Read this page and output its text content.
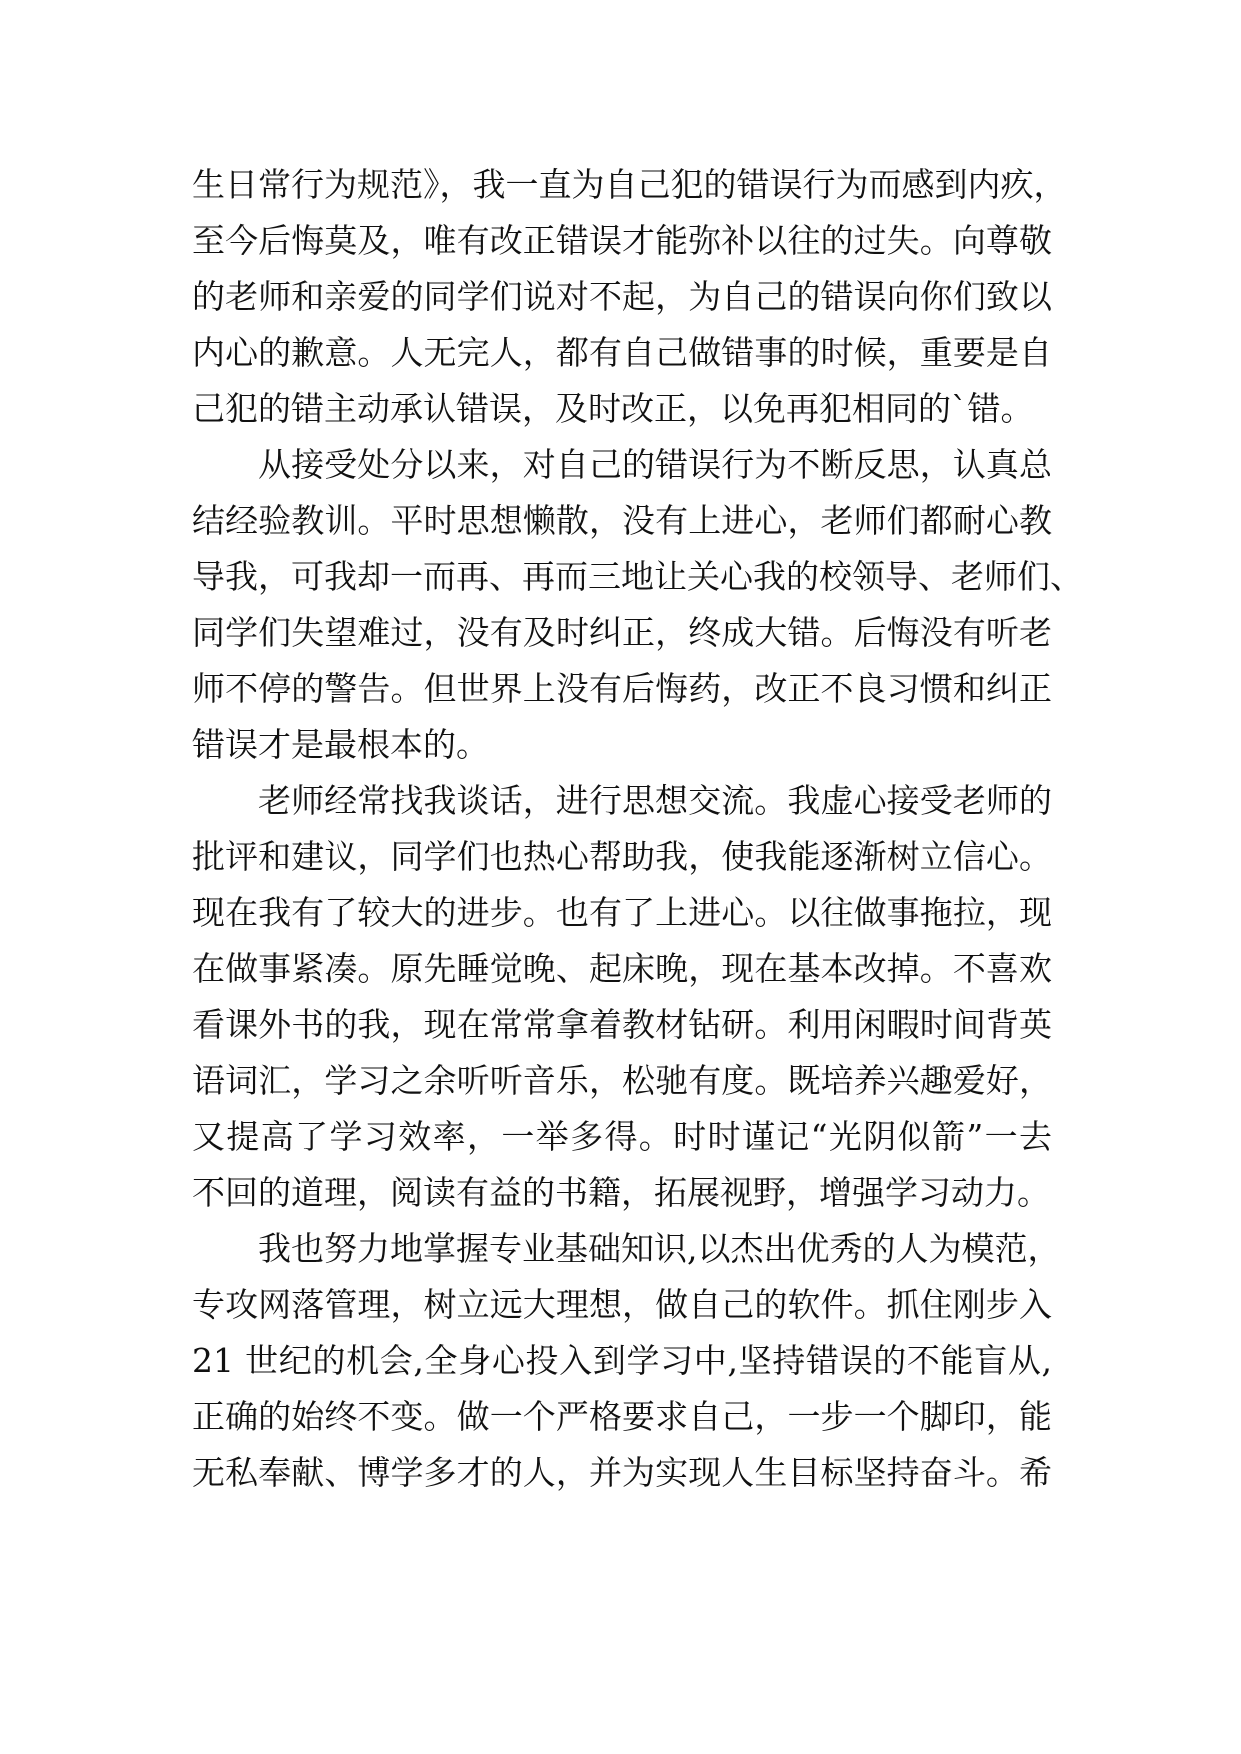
生日常行为规范》，我一直为自己犯的错误行为而感到内疚，
至今后悔莫及，唯有改正错误才能弥补以往的过失。向尊敬
的老师和亲爱的同学们说对不起，为自己的错误向你们致以
内心的歉意。人无完人，都有自己做错事的时候，重要是自
己犯的错主动承认错误，及时改正，以免再犯相同的`错。
从接受处分以来，对自己的错误行为不断反思，认真总
结经验教训。平时思想懒散，没有上进心，老师们都耐心教
导我，可我却一而再、再而三地让关心我的校领导、老师们、
同学们失望难过，没有及时纠正，终成大错。后悔没有听老
师不停的警告。但世界上没有后悔药，改正不良习惯和纠正
错误才是最根本的。
老师经常找我谈话，进行思想交流。我虚心接受老师的
批评和建议，同学们也热心帮助我，使我能逐渐树立信心。
现在我有了较大的进步。也有了上进心。以往做事拖拉，现
在做事紧凑。原先睡觉晚、起床晚，现在基本改掉。不喜欢
看课外书的我，现在常常拿着教材钻研。利用闲暇时间背英
语词汇，学习之余听听音乐，松驰有度。既培养兴趣爱好，
又提高了学习效率，一举多得。时时谨记“光阴似箭”一去
不回的道理，阅读有益的书籍，拓展视野，增强学习动力。
我也努力地掌握专业基础知识,以杰出优秀的人为模范，
专攻网落管理，树立远大理想，做自己的软件。抓住刚步入
21 世纪的机会,全身心投入到学习中,坚持错误的不能盲从,
正确的始终不变。做一个严格要求自己，一步一个脚印，能
无私奉献、博学多才的人，并为实现人生目标坚持奋斗。希
